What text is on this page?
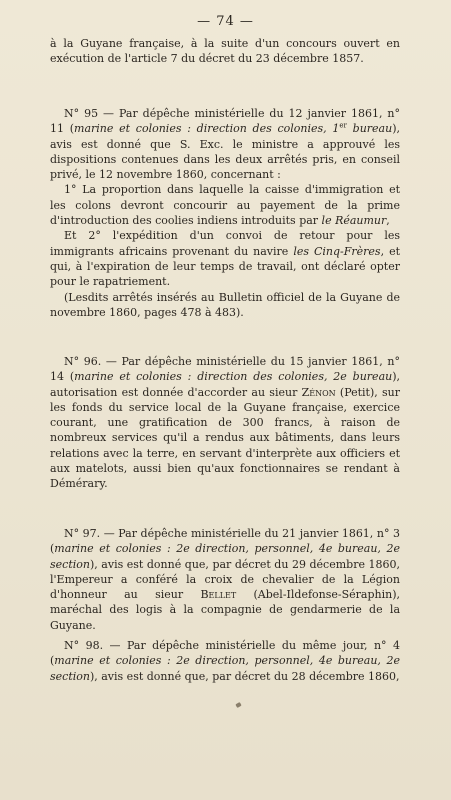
— 74 —

à la Guyane française, à la suite d'un concours ouvert en exécution de l'article 7 du décret du 23 décembre 1857.

N° 95 — Par dépêche ministérielle du 12 janvier 1861, n° 11 (marine et colonies : direction des colonies, 1er bureau), avis est donné que S. Exc. le ministre a approuvé les dispositions contenues dans les deux arrêtés pris, en conseil privé, le 12 novembre 1860, concernant :

1° La proportion dans laquelle la caisse d'immigration et les colons devront concourir au payement de la prime d'introduction des coolies indiens introduits par le Réaumur,

Et 2° l'expédition d'un convoi de retour pour les immigrants africains provenant du navire les Cinq-Frères, et qui, à l'expiration de leur temps de travail, ont déclaré opter pour le rapatriement.

(Lesdits arrêtés insérés au Bulletin officiel de la Guyane de novembre 1860, pages 478 à 483).

N° 96. — Par dépêche ministérielle du 15 janvier 1861, n° 14 (marine et colonies : direction des colonies, 2e bureau), autorisation est donnée d'accorder au sieur Zénon (Petit), sur les fonds du service local de la Guyane française, exercice courant, une gratification de 300 francs, à raison de nombreux services qu'il a rendus aux bâtiments, dans leurs relations avec la terre, en servant d'interprète aux officiers et aux matelots, aussi bien qu'aux fonctionnaires se rendant à Démérary.

N° 97. — Par dépêche ministérielle du 21 janvier 1861, n° 3 (marine et colonies : 2e direction, personnel, 4e bureau, 2e section), avis est donné que, par décret du 29 décembre 1860, l'Empereur a conféré la croix de chevalier de la Légion d'honneur au sieur Bellet (Abel-Ildefonse-Séraphin), maréchal des logis à la compagnie de gendarmerie de la Guyane.

N° 98. — Par dépêche ministérielle du même jour, n° 4 (marine et colonies : 2e direction, personnel, 4e bureau, 2e section), avis est donné que, par décret du 28 décembre 1860,
